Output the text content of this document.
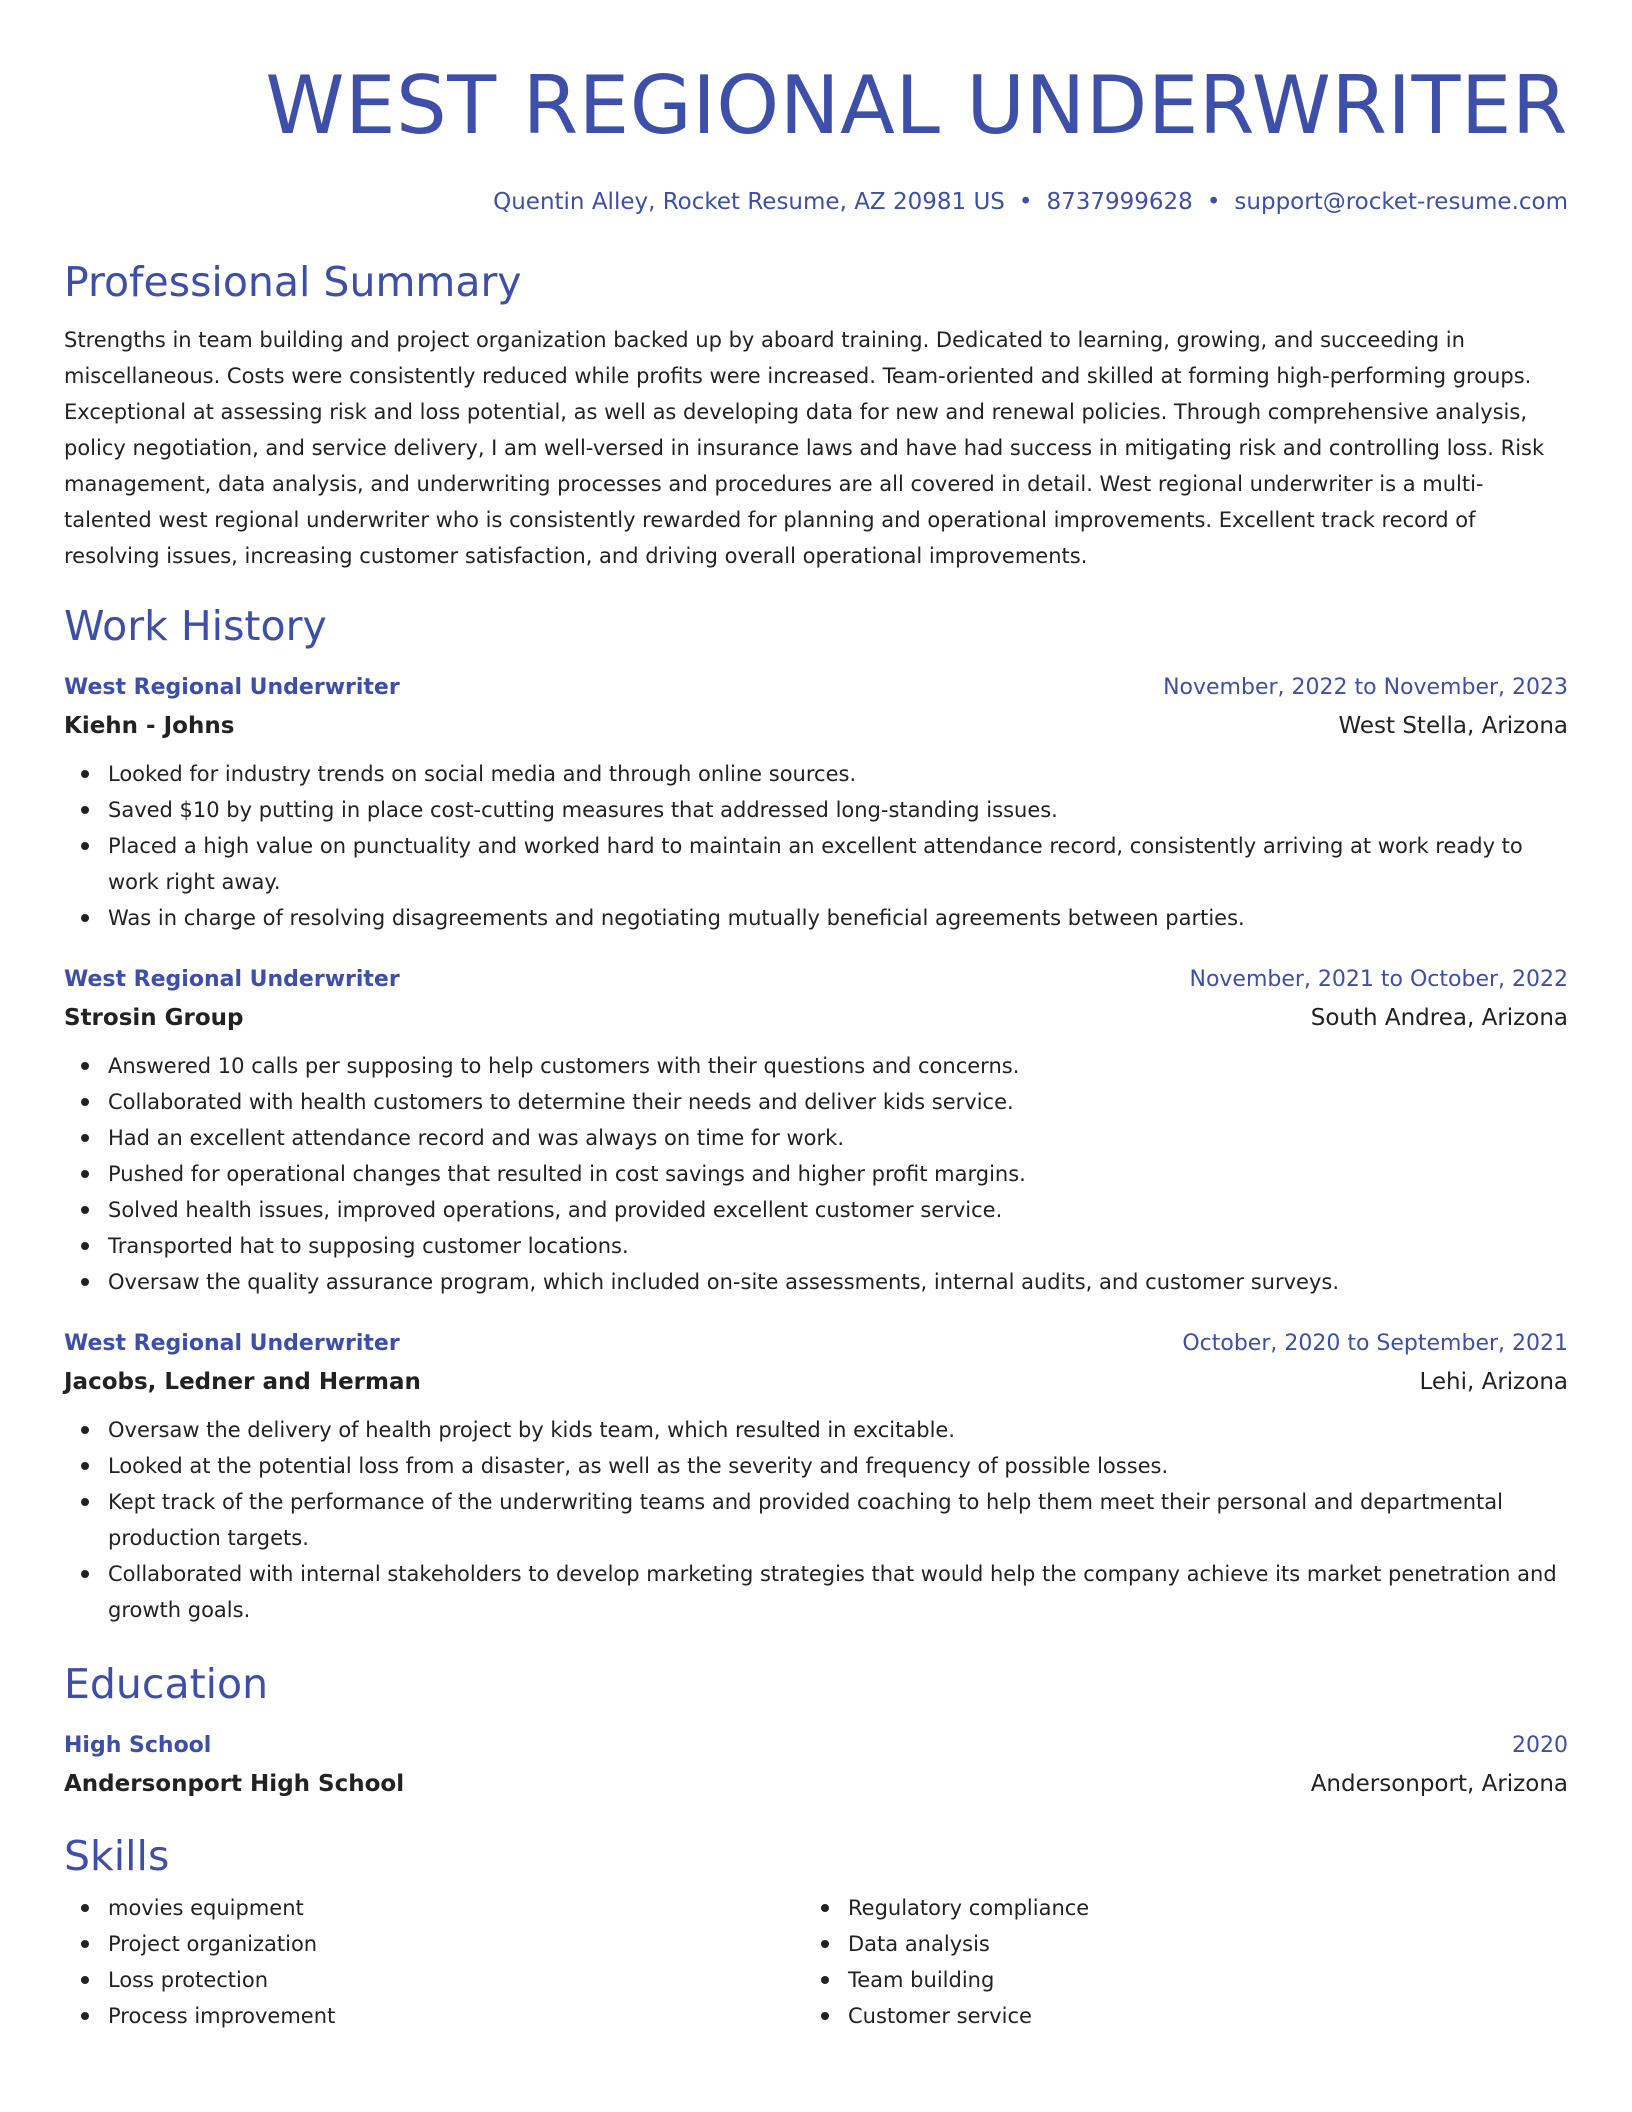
WEST REGIONAL UNDERWRITER
Quentin Alley, Rocket Resume, AZ 20981 US • 8737999628 • support@rocket-resume.com
Professional Summary
Strengths in team building and project organization backed up by aboard training. Dedicated to learning, growing, and succeeding in miscellaneous. Costs were consistently reduced while profits were increased. Team-oriented and skilled at forming high-performing groups. Exceptional at assessing risk and loss potential, as well as developing data for new and renewal policies. Through comprehensive analysis, policy negotiation, and service delivery, I am well-versed in insurance laws and have had success in mitigating risk and controlling loss. Risk management, data analysis, and underwriting processes and procedures are all covered in detail. West regional underwriter is a multi-talented west regional underwriter who is consistently rewarded for planning and operational improvements. Excellent track record of resolving issues, increasing customer satisfaction, and driving overall operational improvements.
Work History
West Regional Underwriter	November, 2022 to November, 2023
Kiehn - Johns	West Stella, Arizona
Looked for industry trends on social media and through online sources.
Saved $10 by putting in place cost-cutting measures that addressed long-standing issues.
Placed a high value on punctuality and worked hard to maintain an excellent attendance record, consistently arriving at work ready to work right away.
Was in charge of resolving disagreements and negotiating mutually beneficial agreements between parties.
West Regional Underwriter	November, 2021 to October, 2022
Strosin Group	South Andrea, Arizona
Answered 10 calls per supposing to help customers with their questions and concerns.
Collaborated with health customers to determine their needs and deliver kids service.
Had an excellent attendance record and was always on time for work.
Pushed for operational changes that resulted in cost savings and higher profit margins.
Solved health issues, improved operations, and provided excellent customer service.
Transported hat to supposing customer locations.
Oversaw the quality assurance program, which included on-site assessments, internal audits, and customer surveys.
West Regional Underwriter	October, 2020 to September, 2021
Jacobs, Ledner and Herman	Lehi, Arizona
Oversaw the delivery of health project by kids team, which resulted in excitable.
Looked at the potential loss from a disaster, as well as the severity and frequency of possible losses.
Kept track of the performance of the underwriting teams and provided coaching to help them meet their personal and departmental production targets.
Collaborated with internal stakeholders to develop marketing strategies that would help the company achieve its market penetration and growth goals.
Education
High School	2020
Andersonport High School	Andersonport, Arizona
Skills
movies equipment
Project organization
Loss protection
Process improvement
Regulatory compliance
Data analysis
Team building
Customer service
